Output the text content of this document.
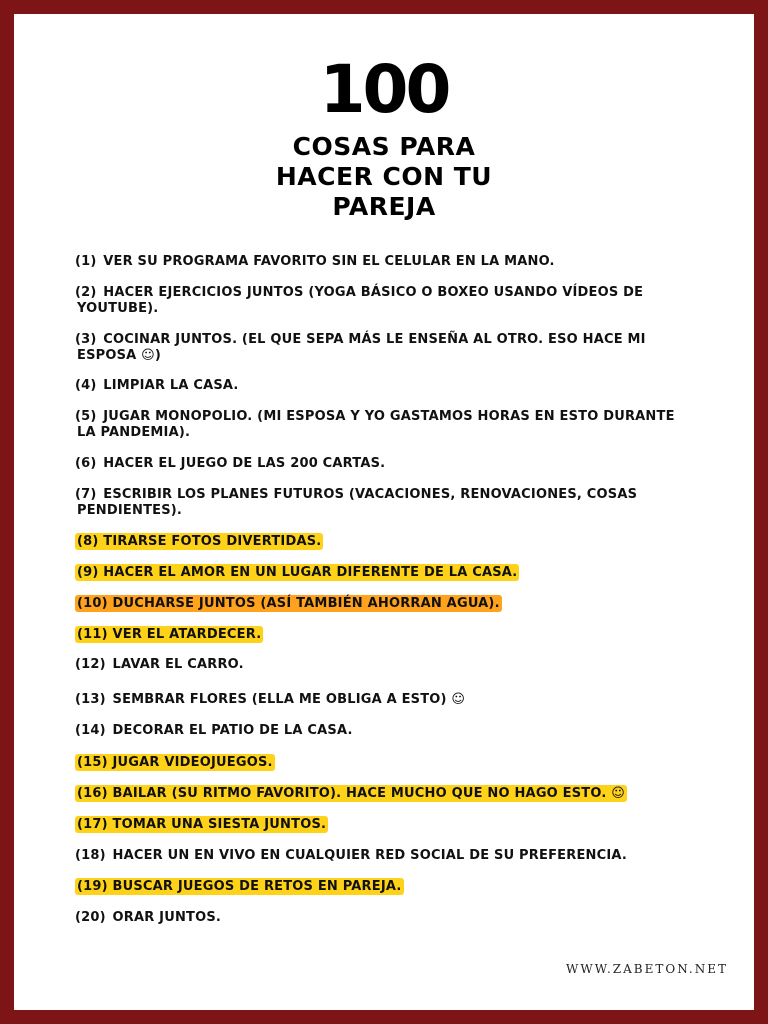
100
COSAS PARA
HACER CON TU
PAREJA
(1) VER SU PROGRAMA FAVORITO SIN EL CELULAR EN LA MANO.
(2) HACER EJERCICIOS JUNTOS (YOGA BÁSICO O BOXEO USANDO VÍDEOS DE YOUTUBE).
(3) COCINAR JUNTOS. (EL QUE SEPA MÁS LE ENSEÑA AL OTRO. ESO HACE MI ESPOSA ☺)
(4) LIMPIAR LA CASA.
(5) JUGAR MONOPOLIO. (MI ESPOSA Y YO GASTAMOS HORAS EN ESTO DURANTE LA PANDEMIA).
(6) HACER EL JUEGO DE LAS 200 CARTAS.
(7) ESCRIBIR LOS PLANES FUTUROS (VACACIONES, RENOVACIONES, COSAS PENDIENTES).
(8) TIRARSE FOTOS DIVERTIDAS.
(9) HACER EL AMOR EN UN LUGAR DIFERENTE DE LA CASA.
(10) DUCHARSE JUNTOS (ASÍ TAMBIÉN AHORRAN AGUA).
(11) VER EL ATARDECER.
(12) LAVAR EL CARRO.
(13) SEMBRAR FLORES (ELLA ME OBLIGA A ESTO) ☺
(14) DECORAR EL PATIO DE LA CASA.
(15) JUGAR VIDEOJUEGOS.
(16) BAILAR (SU RITMO FAVORITO). HACE MUCHO QUE NO HAGO ESTO. ☺
(17) TOMAR UNA SIESTA JUNTOS.
(18) HACER UN EN VIVO EN CUALQUIER RED SOCIAL DE SU PREFERENCIA.
(19) BUSCAR JUEGOS DE RETOS EN PAREJA.
(20) ORAR JUNTOS.
WWW.ZABETON.NET
